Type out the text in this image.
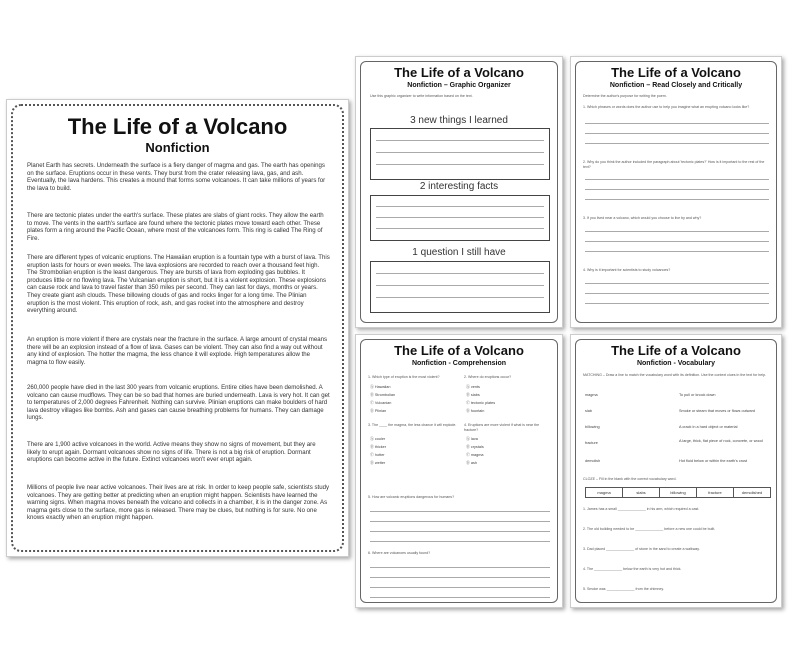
The Life of a Volcano
Nonfiction

Planet Earth has secrets. Underneath the surface is a fiery danger of magma and gas. The earth has openings on the surface. Eruptions occur in these vents. They burst from the crater releasing lava, gas, and ash. Eventually, the lava hardens. This creates a mound that forms some volcanoes. It can take millions of years for the lava to build.

There are tectonic plates under the earth's surface. These plates are slabs of giant rocks. They allow the earth to move. The vents in the earth's surface are found where the tectonic plates move toward each other. These plates form a ring around the Pacific Ocean, where most of the volcanoes form. This ring is called The Ring of Fire.

There are different types of volcanic eruptions. The Hawaiian eruption is a fountain type with a burst of lava. This eruption lasts for hours or even weeks. The lava explosions are recorded to reach over a thousand feet high. The Strombolian eruption is the least dangerous. They are bursts of lava from exploding gas bubbles. It produces little or no flowing lava. The Vulcanian eruption is short, but it is a violent explosion. These explosions can cause rock and lava to travel faster than 350 miles per second. They can last for days, months or years. They create giant ash clouds. These billowing clouds of gas and rocks linger for a long time. The Plinian eruption is the most violent. This eruption of rock, ash, and gas rocket into the atmosphere and destroy everything around.

An eruption is more violent if there are crystals near the fracture in the surface. A large amount of crystal means there will be an explosion instead of a flow of lava. Gases can be violent. They can also find a way out without any kind of explosion. The hotter the magma, the less chance it will explode. High temperatures allow the magma to flow easily.

260,000 people have died in the last 300 years from volcanic eruptions. Entire cities have been demolished. A volcano can cause mudflows. They can be so bad that homes are buried underneath. Lava is very hot. It can get to temperatures of 2,000 degrees Fahrenheit. Nothing can survive. Plinian eruptions can make boulders of hard lava destroy villages like bombs. Ash and gases can cause breathing problems for humans. They can damage lungs.

There are 1,900 active volcanoes in the world. Active means they show no signs of movement, but they are likely to erupt again. Dormant volcanoes show no signs of life. There is not a big risk of eruption. Dormant eruptions can become active in the future. Extinct volcanoes won't ever erupt again.

Millions of people live near active volcanoes. Their lives are at risk. In order to keep people safe, scientists study volcanoes. They are getting better at predicting when an eruption might happen. Scientists have learned the warning signs. When magma moves beneath the volcano and collects in a chamber, it is in the danger zone. As magma gets close to the surface, more gas is released. There may be clues, but nothing is for sure. No one knows exactly when an eruption might happen.

The Life of a Volcano
Nonfiction – Graphic Organizer
Use this graphic organizer to write information based on the text.
3 new things I learned
2 interesting facts
1 question I still have
The Life of a Volcano
Nonfiction – Read Closely and Critically
Determine the author's purpose for writing the poem.
1. Which phrases or words does the author use to help you imagine what an erupting volcano looks like?
2. Why do you think the author included the paragraph about 'tectonic plates?' How is it important to the rest of the text?
3. If you lived near a volcano, which would you choose to live by and why?
4. Why is it important for scientists to study volcanoes?
The Life of a Volcano
Nonfiction - Comprehension
1. Which type of eruption is the most violent?
Ⓐ Hawaiian
Ⓑ Strombolian
Ⓒ Vulcanian
Ⓓ Plinian
2. Where do eruptions occur?
Ⓐ vents
Ⓑ slabs
Ⓒ tectonic plates
Ⓓ fountain
3. The ____ the magma, the less chance it will explode.
Ⓐ cooler
Ⓑ thicker
Ⓒ hotter
Ⓓ wetter
4. Eruptions are more violent if what is near the fracture?
Ⓐ lava
Ⓑ crystals
Ⓒ magma
Ⓓ ash
5. How are volcanic eruptions dangerous for humans?
6. Where are volcanoes usually found?
The Life of a Volcano
Nonfiction - Vocabulary
MATCHING – Draw a line to match the vocabulary word with its definition. Use the context clues in the text for help.
magma	To pull or knock down
slab	Smoke or steam that moves or flows outward
billowing	A crack in a hard object or material
fracture	A large, thick, flat piece of rock, concrete, or wood
demolish	Hot fluid below or within the earth's crust
CLOZE – Fill in the blank with the correct vocabulary word.
magma	slabs	billowing	fracture	demolished
1. James has a small ______________ in his arm, which required a cast.
2. The old building needed to be ______________ before a new one could be built.
3. Dad placed ______________ of stone in the sand to create a walkway.
4. The ______________ below the earth is very hot and thick.
5. Smoke was ______________ from the chimney.
